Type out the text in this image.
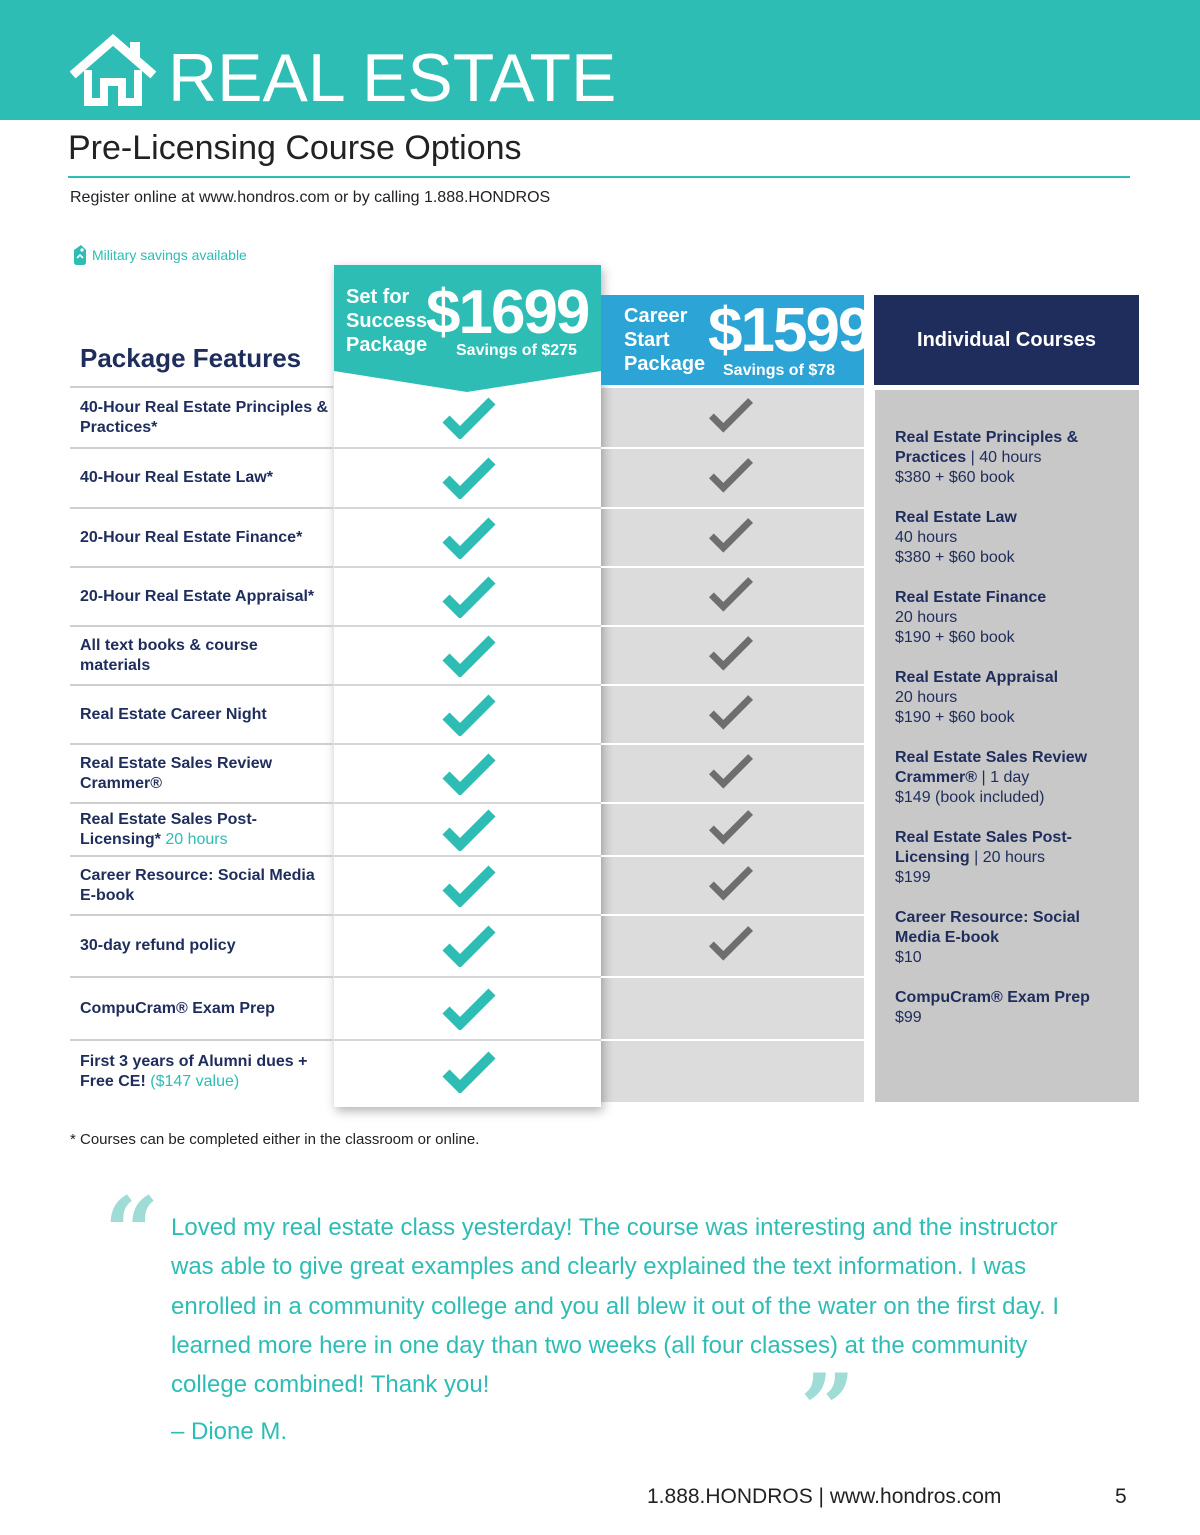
REAL ESTATE
Pre-Licensing Course Options
Register online at www.hondros.com or by calling 1.888.HONDROS
Military savings available
Package Features
Individual Courses
Career Start Package $1599
Savings of $78
Set for Success Package
$1699
Savings of $275
40-Hour Real Estate Principles & Practices*
40-Hour Real Estate Law*
20-Hour Real Estate Finance*
20-Hour Real Estate Appraisal*
All text books & course materials
Real Estate Career Night
Real Estate Sales Review Crammer®
Real Estate Sales Post-Licensing* 20 hours
Career Resource: Social Media E-book
30-day refund policy
CompuCram® Exam Prep
First 3 years of Alumni dues + Free CE! ($147 value)
Real Estate Principles & Practices | 40 hours
$380 + $60 book
Real Estate Law
40 hours
$380 + $60 book
Real Estate Finance
20 hours
$190 + $60 book
Real Estate Appraisal
20 hours
$190 + $60 book
Real Estate Sales Review Crammer® | 1 day
$149 (book included)
Real Estate Sales Post-Licensing | 20 hours
$199
Career Resource: Social Media E-book
$10
CompuCram® Exam Prep
$99
* Courses can be completed either in the classroom or online.
“ Loved my real estate class yesterday! The course was interesting and the instructor was able to give great examples and clearly explained the text information. I was enrolled in a community college and you all blew it out of the water on the first day. I learned more here in one day than two weeks (all four classes) at the community college combined! Thank you!	”
– Dione M.
1.888.HONDROS | www.hondros.com	5
